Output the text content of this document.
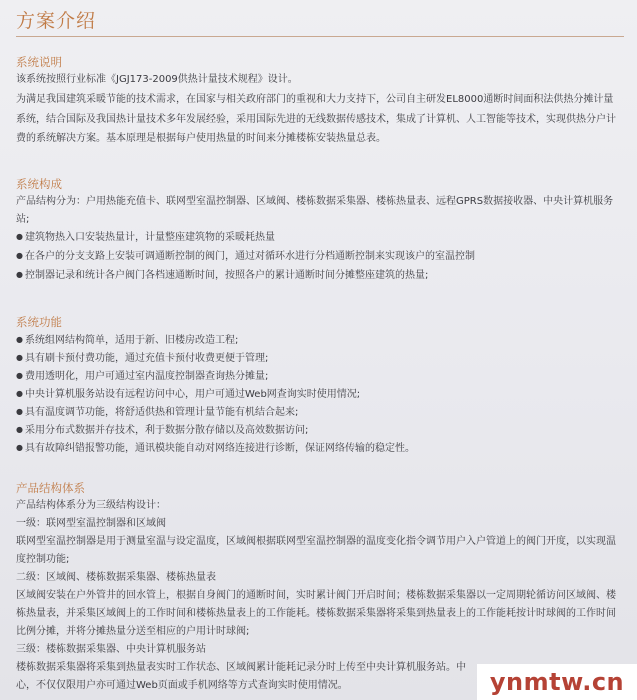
方案介绍
系统说明
该系统按照行业标准《JGJ173-2009供热计量技术规程》设计。
为满足我国建筑采暖节能的技术需求，在国家与相关政府部门的重视和大力支持下，公司自主研发EL8000通断时间面积法供热分摊计量
系统，结合国际及我国热计量技术多年发展经验，采用国际先进的无线数据传感技术，集成了计算机、人工智能等技术，实现供热分户计
费的系统解决方案。基本原理是根据每户使用热量的时间来分摊楼栋安装热量总表。
系统构成
产品结构分为：户用热能充值卡、联网型室温控制器、区域阀、楼栋数据采集器、楼栋热量表、远程GPRS数据接收器、中央计算机服务
站;
● 建筑物热入口安装热量计，计量整座建筑物的采暖耗热量
● 在各户的分支支路上安装可调通断控制的阀门，通过对循环水进行分档通断控制来实现该户的室温控制
● 控制器记录和统计各户阀门各档速通断时间，按照各户的累计通断时间分摊整座建筑的热量;
系统功能
● 系统组网结构简单，适用于新、旧楼房改造工程;
● 具有刷卡预付费功能，通过充值卡预付收费更便于管理;
● 费用透明化，用户可通过室内温度控制器查询热分摊量;
● 中央计算机服务站设有远程访问中心，用户可通过Web网查询实时使用情况;
● 具有温度调节功能，将舒适供热和管理计量节能有机结合起来;
● 采用分布式数据并存技术，利于数据分散存储以及高效数据访问;
● 具有故障纠错报警功能，通讯模块能自动对网络连接进行诊断，保证网络传输的稳定性。
产品结构体系
产品结构体系分为三级结构设计：
一级：联网型室温控制器和区域阀
联网型室温控制器是用于测量室温与设定温度，区域阀根据联网型室温控制器的温度变化指令调节用户入户管道上的阀门开度，以实现温
度控制功能;
二级：区域阀、楼栋数据采集器、楼栋热量表
区域阀安装在户外管井的回水管上，根据自身阀门的通断时间，实时累计阀门开启时间；楼栋数据采集器以一定周期轮循访问区域阀、楼
栋热量表，并采集区域阀上的工作时间和楼栋热量表上的工作能耗。楼栋数据采集器将采集到热量表上的工作能耗按计时球阀的工作时间
比例分摊，并将分摊热量分送至相应的户用计时球阀;
三级：楼栋数据采集器、中央计算机服务站
楼栋数据采集器将采集到热量表实时工作状态、区域阀累计能耗记录分时上传至中央计算机服务站。中
心，不仅仅限用户亦可通过Web页面或手机网络等方式查询实时使用情况。	ynmtw.cn
